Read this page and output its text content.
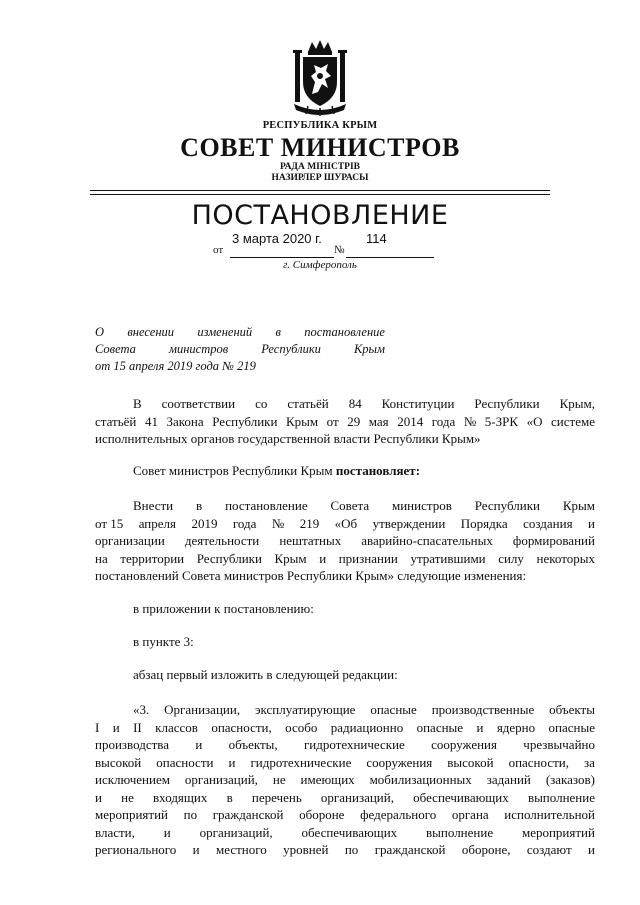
РЕСПУБЛИКА КРЫМ
СОВЕТ МИНИСТРОВ
РАДА МІНІСТРІВ
НАЗИРЛЕР ШУРАСЫ
ПОСТАНОВЛЕНИЕ
3 марта 2020 г.	114
от	№
г. Симферополь
О внесении изменений в постановление
Совета	министров	Республики	Крым
от 15 апреля 2019 года № 219
В соответствии со статьёй 84 Конституции Республики Крым,
статьёй 41 Закона Республики Крым от 29 мая 2014 года № 5-ЗРК «О системе
исполнительных органов государственной власти Республики Крым»
Совет министров Республики Крым постановляет:
Внести в постановление Совета министров Республики Крым
от 15 апреля 2019 года № 219 «Об утверждении Порядка создания и
организации деятельности нештатных аварийно-спасательных формирований
на территории Республики Крым и признании утратившими силу некоторых
постановлений Совета министров Республики Крым» следующие изменения:
в приложении к постановлению:
в пункте 3:
абзац первый изложить в следующей редакции:
«3. Организации, эксплуатирующие опасные производственные объекты
I и II классов опасности, особо радиационно опасные и ядерно опасные
производства и объекты, гидротехнические сооружения чрезвычайно
высокой опасности и гидротехнические сооружения высокой опасности, за
исключением организаций, не имеющих мобилизационных заданий (заказов)
и не входящих в перечень организаций, обеспечивающих выполнение
мероприятий по гражданской обороне федерального органа исполнительной
власти, и организаций, обеспечивающих выполнение мероприятий
регионального и местного уровней по гражданской обороне, создают и
